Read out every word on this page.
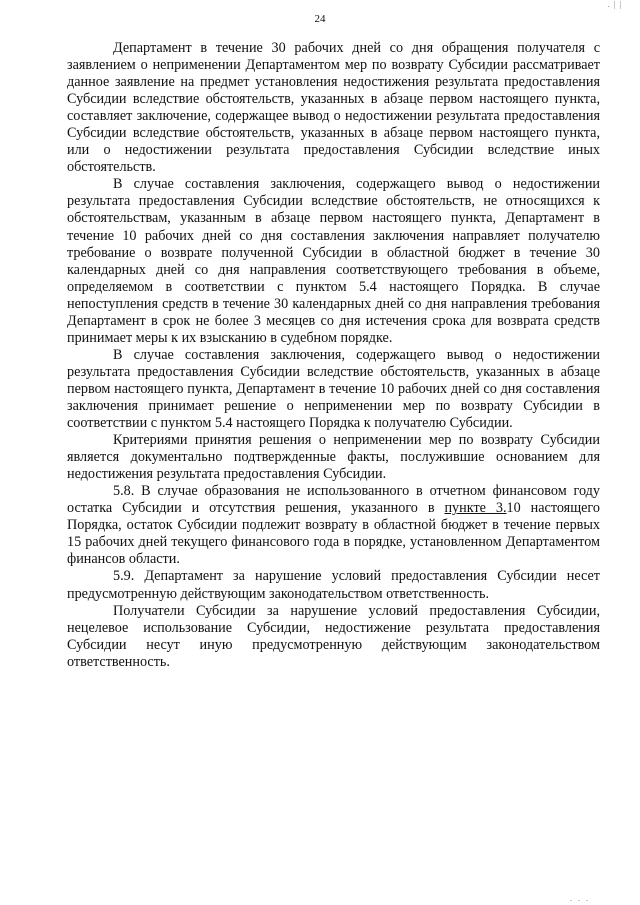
. | |
24

Департамент в течение 30 рабочих дней со дня обращения получателя с заявлением о неприменении Департаментом мер по возврату Субсидии рассматривает данное заявление на предмет установления недостижения результата предоставления Субсидии вследствие обстоятельств, указанных в абзаце первом настоящего пункта, составляет заключение, содержащее вывод о недостижении результата предоставления Субсидии вследствие обстоятельств, указанных в абзаце первом настоящего пункта, или о недостижении результата предоставления Субсидии вследствие иных обстоятельств.

В случае составления заключения, содержащего вывод о недостижении результата предоставления Субсидии вследствие обстоятельств, не относящихся к обстоятельствам, указанным в абзаце первом настоящего пункта, Департамент в течение 10 рабочих дней со дня составления заключения направляет получателю требование о возврате полученной Субсидии в областной бюджет в течение 30 календарных дней со дня направления соответствующего требования в объеме, определяемом в соответствии с пунктом 5.4 настоящего Порядка. В случае непоступления средств в течение 30 календарных дней со дня направления требования Департамент в срок не более 3 месяцев со дня истечения срока для возврата средств принимает меры к их взысканию в судебном порядке.

В случае составления заключения, содержащего вывод о недостижении результата предоставления Субсидии вследствие обстоятельств, указанных в абзаце первом настоящего пункта, Департамент в течение 10 рабочих дней со дня составления заключения принимает решение о неприменении мер по возврату Субсидии в соответствии с пунктом 5.4 настоящего Порядка к получателю Субсидии.

Критериями принятия решения о неприменении мер по возврату Субсидии является документально подтвержденные факты, послужившие основанием для недостижения результата предоставления Субсидии.

5.8. В случае образования не использованного в отчетном финансовом году остатка Субсидии и отсутствия решения, указанного в пункте 3.10 настоящего Порядка, остаток Субсидии подлежит возврату в областной бюджет в течение первых 15 рабочих дней текущего финансового года в порядке, установленном Департаментом финансов области.

5.9. Департамент за нарушение условий предоставления Субсидии несет предусмотренную действующим законодательством ответственность.

Получатели Субсидии за нарушение условий предоставления Субсидии, нецелевое использование Субсидии, недостижение результата предоставления Субсидии несут иную предусмотренную действующим законодательством ответственность.

. . .
